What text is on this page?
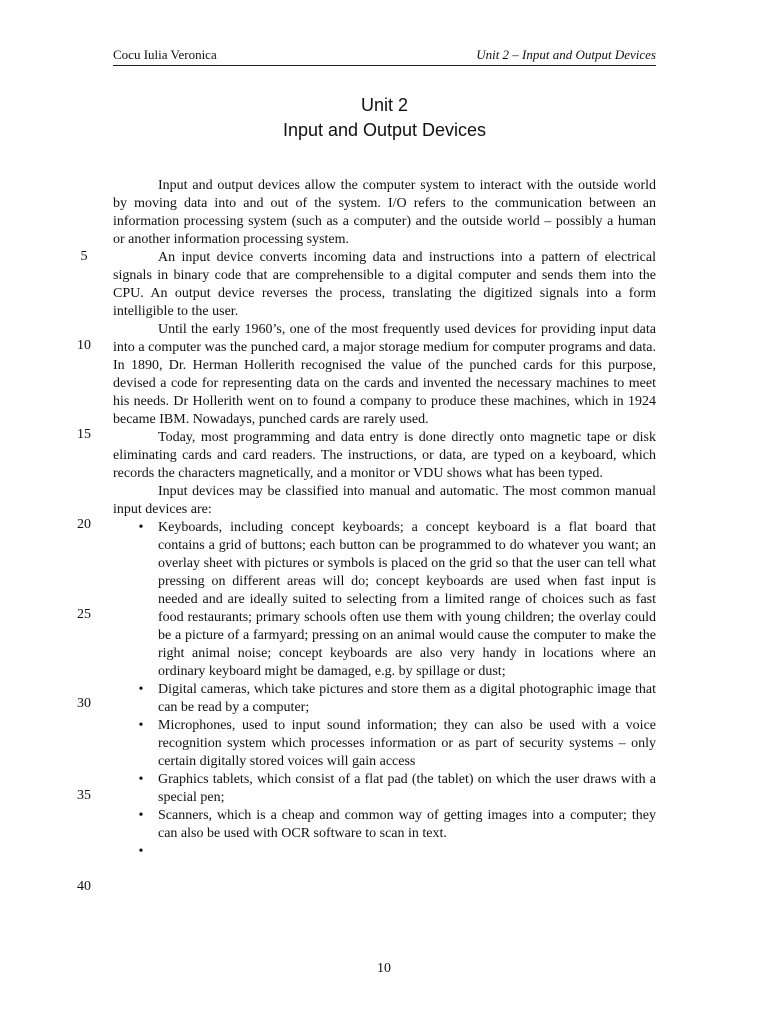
Cocu Iulia Veronica	Unit 2 – Input and Output Devices
Unit 2
Input and Output Devices

Input and output devices allow the computer system to interact with the outside world by moving data into and out of the system. I/O refers to the communication between an information processing system (such as a computer) and the outside world – possibly a human or another information processing system.

An input device converts incoming data and instructions into a pattern of electrical signals in binary code that are comprehensible to a digital computer and sends them into the CPU. An output device reverses the process, translating the digitized signals into a form intelligible to the user.

Until the early 1960’s, one of the most frequently used devices for providing input data into a computer was the punched card, a major storage medium for computer programs and data. In 1890, Dr. Herman Hollerith recognised the value of the punched cards for this purpose, devised a code for representing data on the cards and invented the necessary machines to meet his needs. Dr Hollerith went on to found a company to produce these machines, which in 1924 became IBM. Nowadays, punched cards are rarely used.

Today, most programming and data entry is done directly onto magnetic tape or disk eliminating cards and card readers. The instructions, or data, are typed on a keyboard, which records the characters magnetically, and a monitor or VDU shows what has been typed.

Input devices may be classified into manual and automatic. The most common manual input devices are:

• Keyboards, including concept keyboards; a concept keyboard is a flat board that contains a grid of buttons; each button can be programmed to do whatever you want; an overlay sheet with pictures or symbols is placed on the grid so that the user can tell what pressing on different areas will do; concept keyboards are used when fast input is needed and are ideally suited to selecting from a limited range of choices such as fast food restaurants; primary schools often use them with young children; the overlay could be a picture of a farmyard; pressing on an animal would cause the computer to make the right animal noise; concept keyboards are also very handy in locations where an ordinary keyboard might be damaged, e.g. by spillage or dust;
• Digital cameras, which take pictures and store them as a digital photographic image that can be read by a computer;
• Microphones, used to input sound information; they can also be used with a voice recognition system which processes information or as part of security systems – only certain digitally stored voices will gain access
• Graphics tablets, which consist of a flat pad (the tablet) on which the user draws with a special pen;
• Scanners, which is a cheap and common way of getting images into a computer; they can also be used with OCR software to scan in text.
•

5
10
15
20
25
30
35
40
10
